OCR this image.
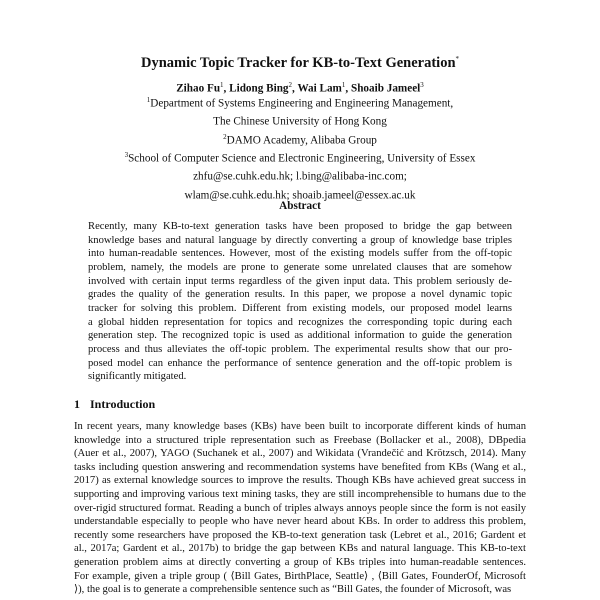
Dynamic Topic Tracker for KB-to-Text Generation*
Zihao Fu$^1$, Lidong Bing$^2$, Wai Lam$^1$, Shoaib Jameel$^3$
$^1$Department of Systems Engineering and Engineering Management,
The Chinese University of Hong Kong
$^2$DAMO Academy, Alibaba Group
$^3$School of Computer Science and Electronic Engineering, University of Essex
zhfu@se.cuhk.edu.hk; l.bing@alibaba-inc.com;
wlam@se.cuhk.edu.hk; shoaib.jameel@essex.ac.uk
Abstract
Recently, many KB-to-text generation tasks have been proposed to bridge the gap between
knowledge bases and natural language by directly converting a group of knowledge base triples
into human-readable sentences. However, most of the existing models suffer from the off-topic
problem, namely, the models are prone to generate some unrelated clauses that are somehow
involved with certain input terms regardless of the given input data. This problem seriously de-
grades the quality of the generation results. In this paper, we propose a novel dynamic topic
tracker for solving this problem. Different from existing models, our proposed model learns
a global hidden representation for topics and recognizes the corresponding topic during each
generation step. The recognized topic is used as additional information to guide the generation
process and thus alleviates the off-topic problem. The experimental results show that our pro-
posed model can enhance the performance of sentence generation and the off-topic problem is
significantly mitigated.
1 Introduction
In recent years, many knowledge bases (KBs) have been built to incorporate different kinds of human
knowledge into a structured triple representation such as Freebase (Bollacker et al., 2008), DBpedia
(Auer et al., 2007), YAGO (Suchanek et al., 2007) and Wikidata (Vrandečić and Krötzsch, 2014). Many
tasks including question answering and recommendation systems have benefited from KBs (Wang et al.,
2017) as external knowledge sources to improve the results. Though KBs have achieved great success in
supporting and improving various text mining tasks, they are still incomprehensible to humans due to the
over-rigid structured format. Reading a bunch of triples always annoys people since the form is not easily
understandable especially to people who have never heard about KBs. In order to address this problem,
recently some researchers have proposed the KB-to-text generation task (Lebret et al., 2016; Gardent et
al., 2017a; Gardent et al., 2017b) to bridge the gap between KBs and natural language. This KB-to-text
generation problem aims at directly converting a group of KBs triples into human-readable sentences.
For example, given a triple group ( ⟨Bill Gates, BirthPlace, Seattle⟩ , ⟨Bill Gates, FounderOf, Microsoft
⟩), the goal is to generate a comprehensible sentence such as “Bill Gates, the founder of Microsoft, was
